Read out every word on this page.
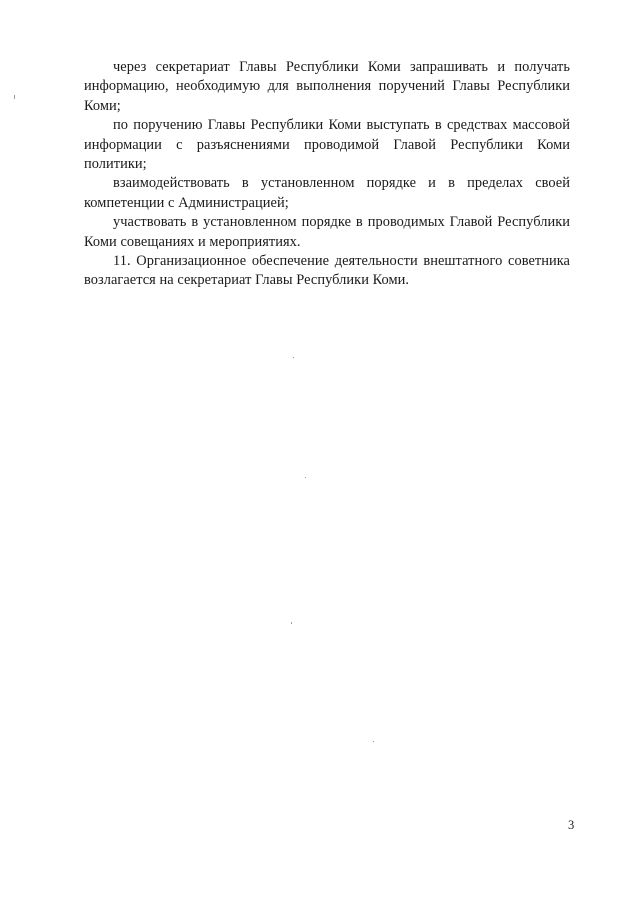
через секретариат Главы Республики Коми запрашивать и получать информацию, необходимую для выполнения поручений Главы Республики Коми;

по поручению Главы Республики Коми выступать в средствах массовой информации с разъяснениями проводимой Главой Республики Коми политики;

взаимодействовать в установленном порядке и в пределах своей компетенции с Администрацией;

участвовать в установленном порядке в проводимых Главой Республики Коми совещаниях и мероприятиях.

11. Организационное обеспечение деятельности внештатного советника возлагается на секретариат Главы Республики Коми.

3
